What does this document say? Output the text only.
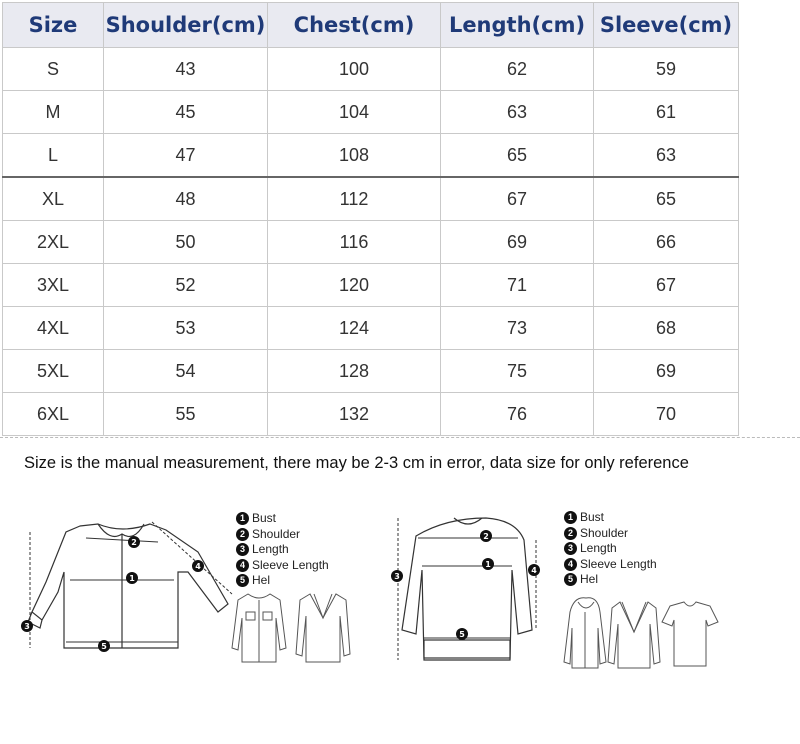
Size	Shoulder(cm)	Chest(cm)	Length(cm)	Sleeve(cm)
S	43	100	62	59
M	45	104	63	61
L	47	108	65	63
XL	48	112	67	65
2XL	50	116	69	66
3XL	52	120	71	67
4XL	53	124	73	68
5XL	54	128	75	69
6XL	55	132	76	70
Size is the manual measurement, there may be 2-3 cm in error, data size for only reference
1
2
3
4
5
1 Bust
2 Shoulder
3 Length
4 Sleeve Length
5 Hel
1
2
3
4
5
1 Bust
2 Shoulder
3 Length
4 Sleeve Length
5 Hel
